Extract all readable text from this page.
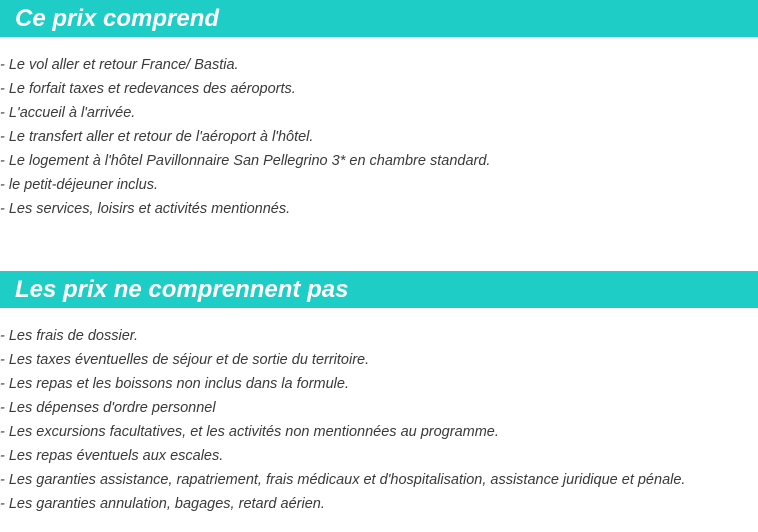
Ce prix comprend
- Le vol aller et retour France/ Bastia.
- Le forfait taxes et redevances des aéroports.
- L'accueil à l'arrivée.
- Le transfert aller et retour de l'aéroport à l'hôtel.
- Le logement à l'hôtel Pavillonnaire San Pellegrino 3* en chambre standard.
- le petit-déjeuner inclus.
- Les services, loisirs et activités mentionnés.
Les prix ne comprennent pas
- Les frais de dossier.
- Les taxes éventuelles de séjour et de sortie du territoire.
- Les repas et les boissons non inclus dans la formule.
- Les dépenses d'ordre personnel
- Les excursions facultatives, et les activités non mentionnées au programme.
- Les repas éventuels aux escales.
- Les garanties assistance, rapatriement, frais médicaux et d'hospitalisation, assistance juridique et pénale.
- Les garanties annulation, bagages, retard aérien.
